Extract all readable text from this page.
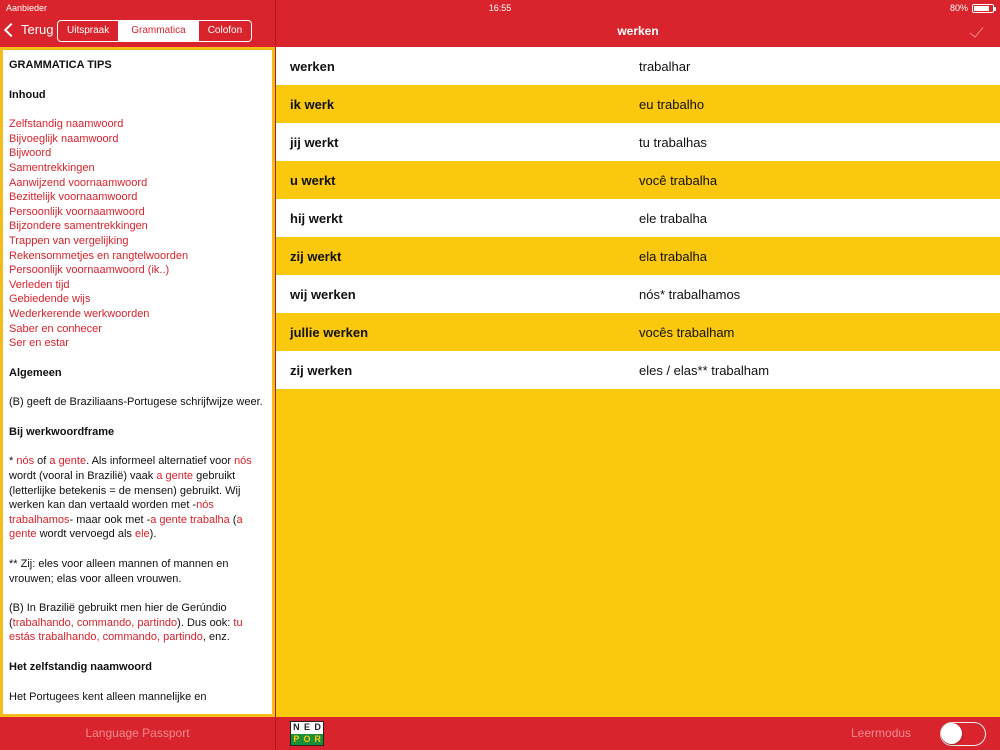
Aanbieder	16:55	80%
Terug	Uitspraak	Grammatica	Colofon
GRAMMATICA TIPS
Inhoud
Zelfstandig naamwoord
Bijvoeglijk naamwoord
Bijwoord
Samentrekkingen
Aanwijzend voornaamwoord
Bezittelijk voornaamwoord
Persoonlijk voornaamwoord
Bijzondere samentrekkingen
Trappen van vergelijking
Rekensommetjes en rangtelwoorden
Persoonlijk voornaamwoord (ik..)
Verleden tijd
Gebiedende wijs
Wederkerende werkwoorden
Saber en conhecer
Ser en estar
Algemeen

(B) geeft de Braziliaans-Portugese schrijfwijze weer.

Bij werkwoordframe

* nós of a gente. Als informeel alternatief voor nós wordt (vooral in Brazilië) vaak a gente gebruikt (letterlijke betekenis = de mensen) gebruikt. Wij werken kan dan vertaald worden met -nós trabalhamos- maar ook met -a gente trabalha (a gente wordt vervoegd als ele).

** Zij: eles voor alleen mannen of mannen en vrouwen; elas voor alleen vrouwen.

(B) In Brazilië gebruikt men hier de Gerúndio (trabalhando, commando, partindo). Dus ook: tu estás trabalhando, commando, partindo, enz.

Het zelfstandig naamwoord

Het Portugees kent alleen mannelijke en

werken
werken	trabalhar
ik werk	eu trabalho
jij werkt	tu trabalhas
u werkt	você trabalha
hij werkt	ele trabalha
zij werkt	ela trabalha
wij werken	nós* trabalhamos
jullie werken	vocês trabalham
zij werken	eles / elas** trabalham
Language Passport	N E D
P O R	Leermodus
